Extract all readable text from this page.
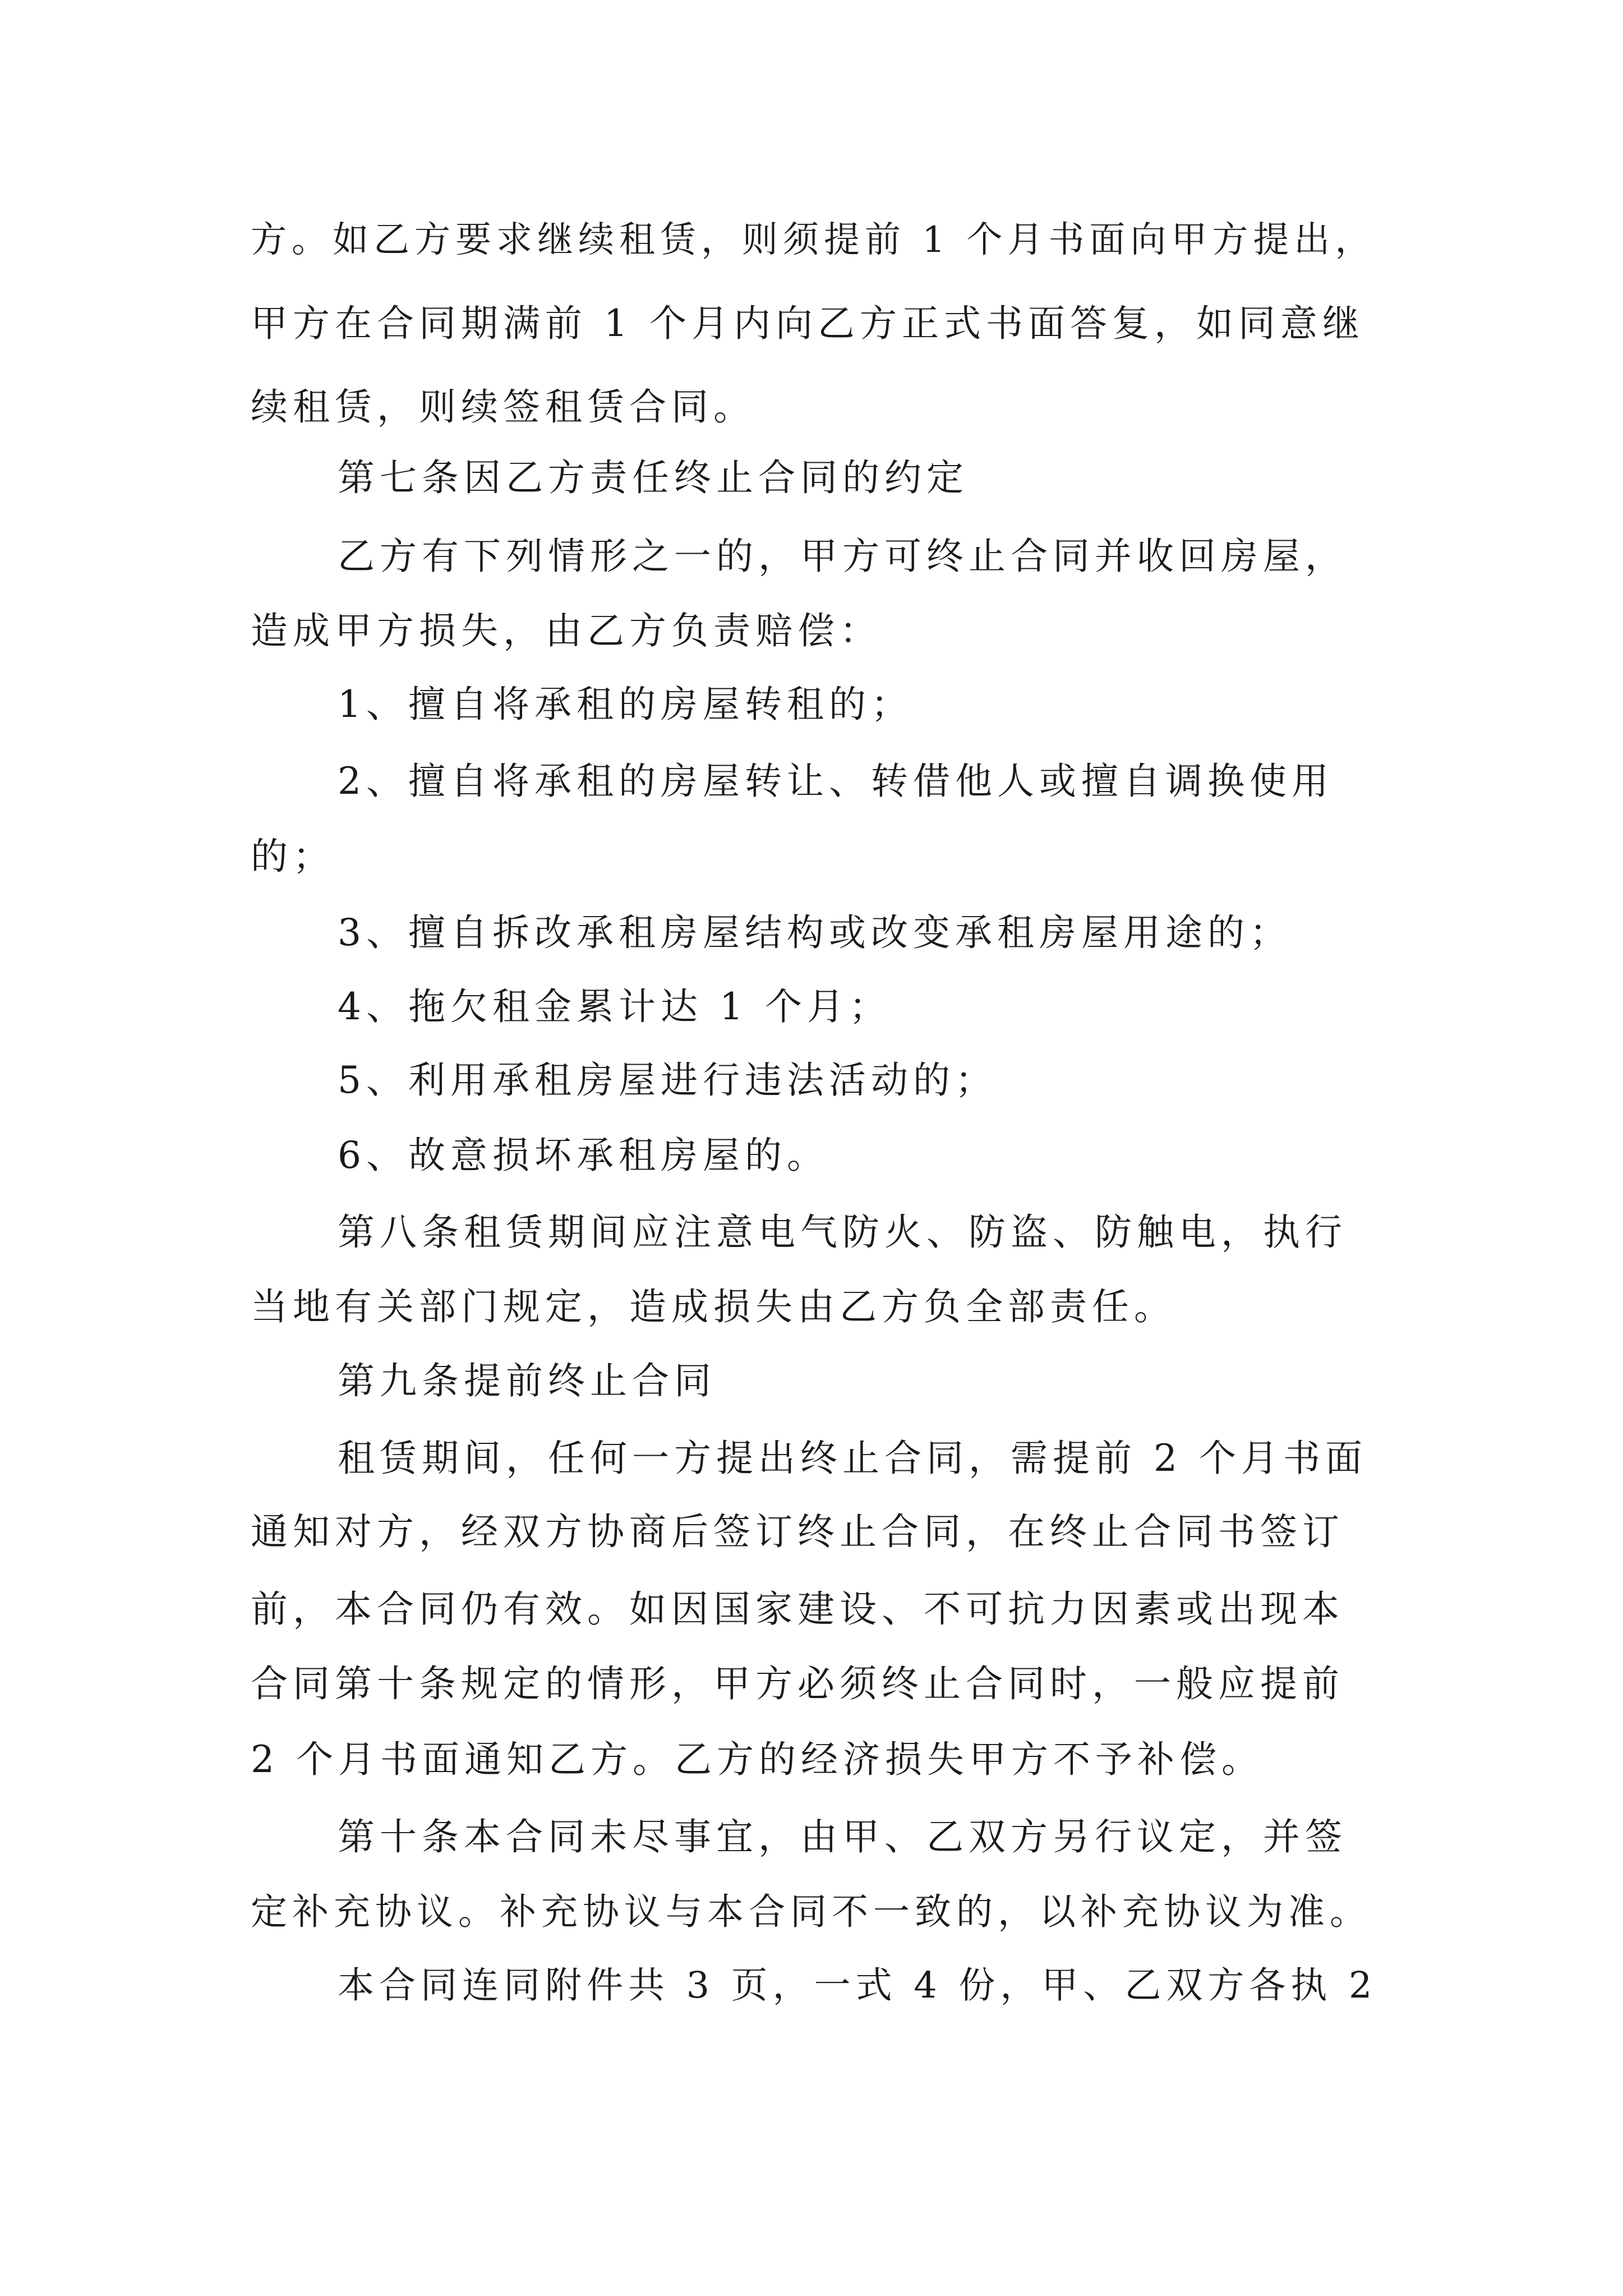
方。如乙方要求继续租赁，则须提前 1 个月书面向甲方提出，
甲方在合同期满前 1 个月内向乙方正式书面答复，如同意继
续租赁，则续签租赁合同。
第七条因乙方责任终止合同的约定
乙方有下列情形之一的，甲方可终止合同并收回房屋，
造成甲方损失，由乙方负责赔偿：
1、擅自将承租的房屋转租的；
2、擅自将承租的房屋转让、转借他人或擅自调换使用
的；
3、擅自拆改承租房屋结构或改变承租房屋用途的；
4、拖欠租金累计达 1 个月；
5、利用承租房屋进行违法活动的；
6、故意损坏承租房屋的。
第八条租赁期间应注意电气防火、防盗、防触电，执行
当地有关部门规定，造成损失由乙方负全部责任。
第九条提前终止合同
租赁期间，任何一方提出终止合同，需提前 2 个月书面
通知对方，经双方协商后签订终止合同，在终止合同书签订
前，本合同仍有效。如因国家建设、不可抗力因素或出现本
合同第十条规定的情形，甲方必须终止合同时，一般应提前
2 个月书面通知乙方。乙方的经济损失甲方不予补偿。
第十条本合同未尽事宜，由甲、乙双方另行议定，并签
定补充协议。补充协议与本合同不一致的，以补充协议为准。
本合同连同附件共 3 页，一式 4 份，甲、乙双方各执 2
